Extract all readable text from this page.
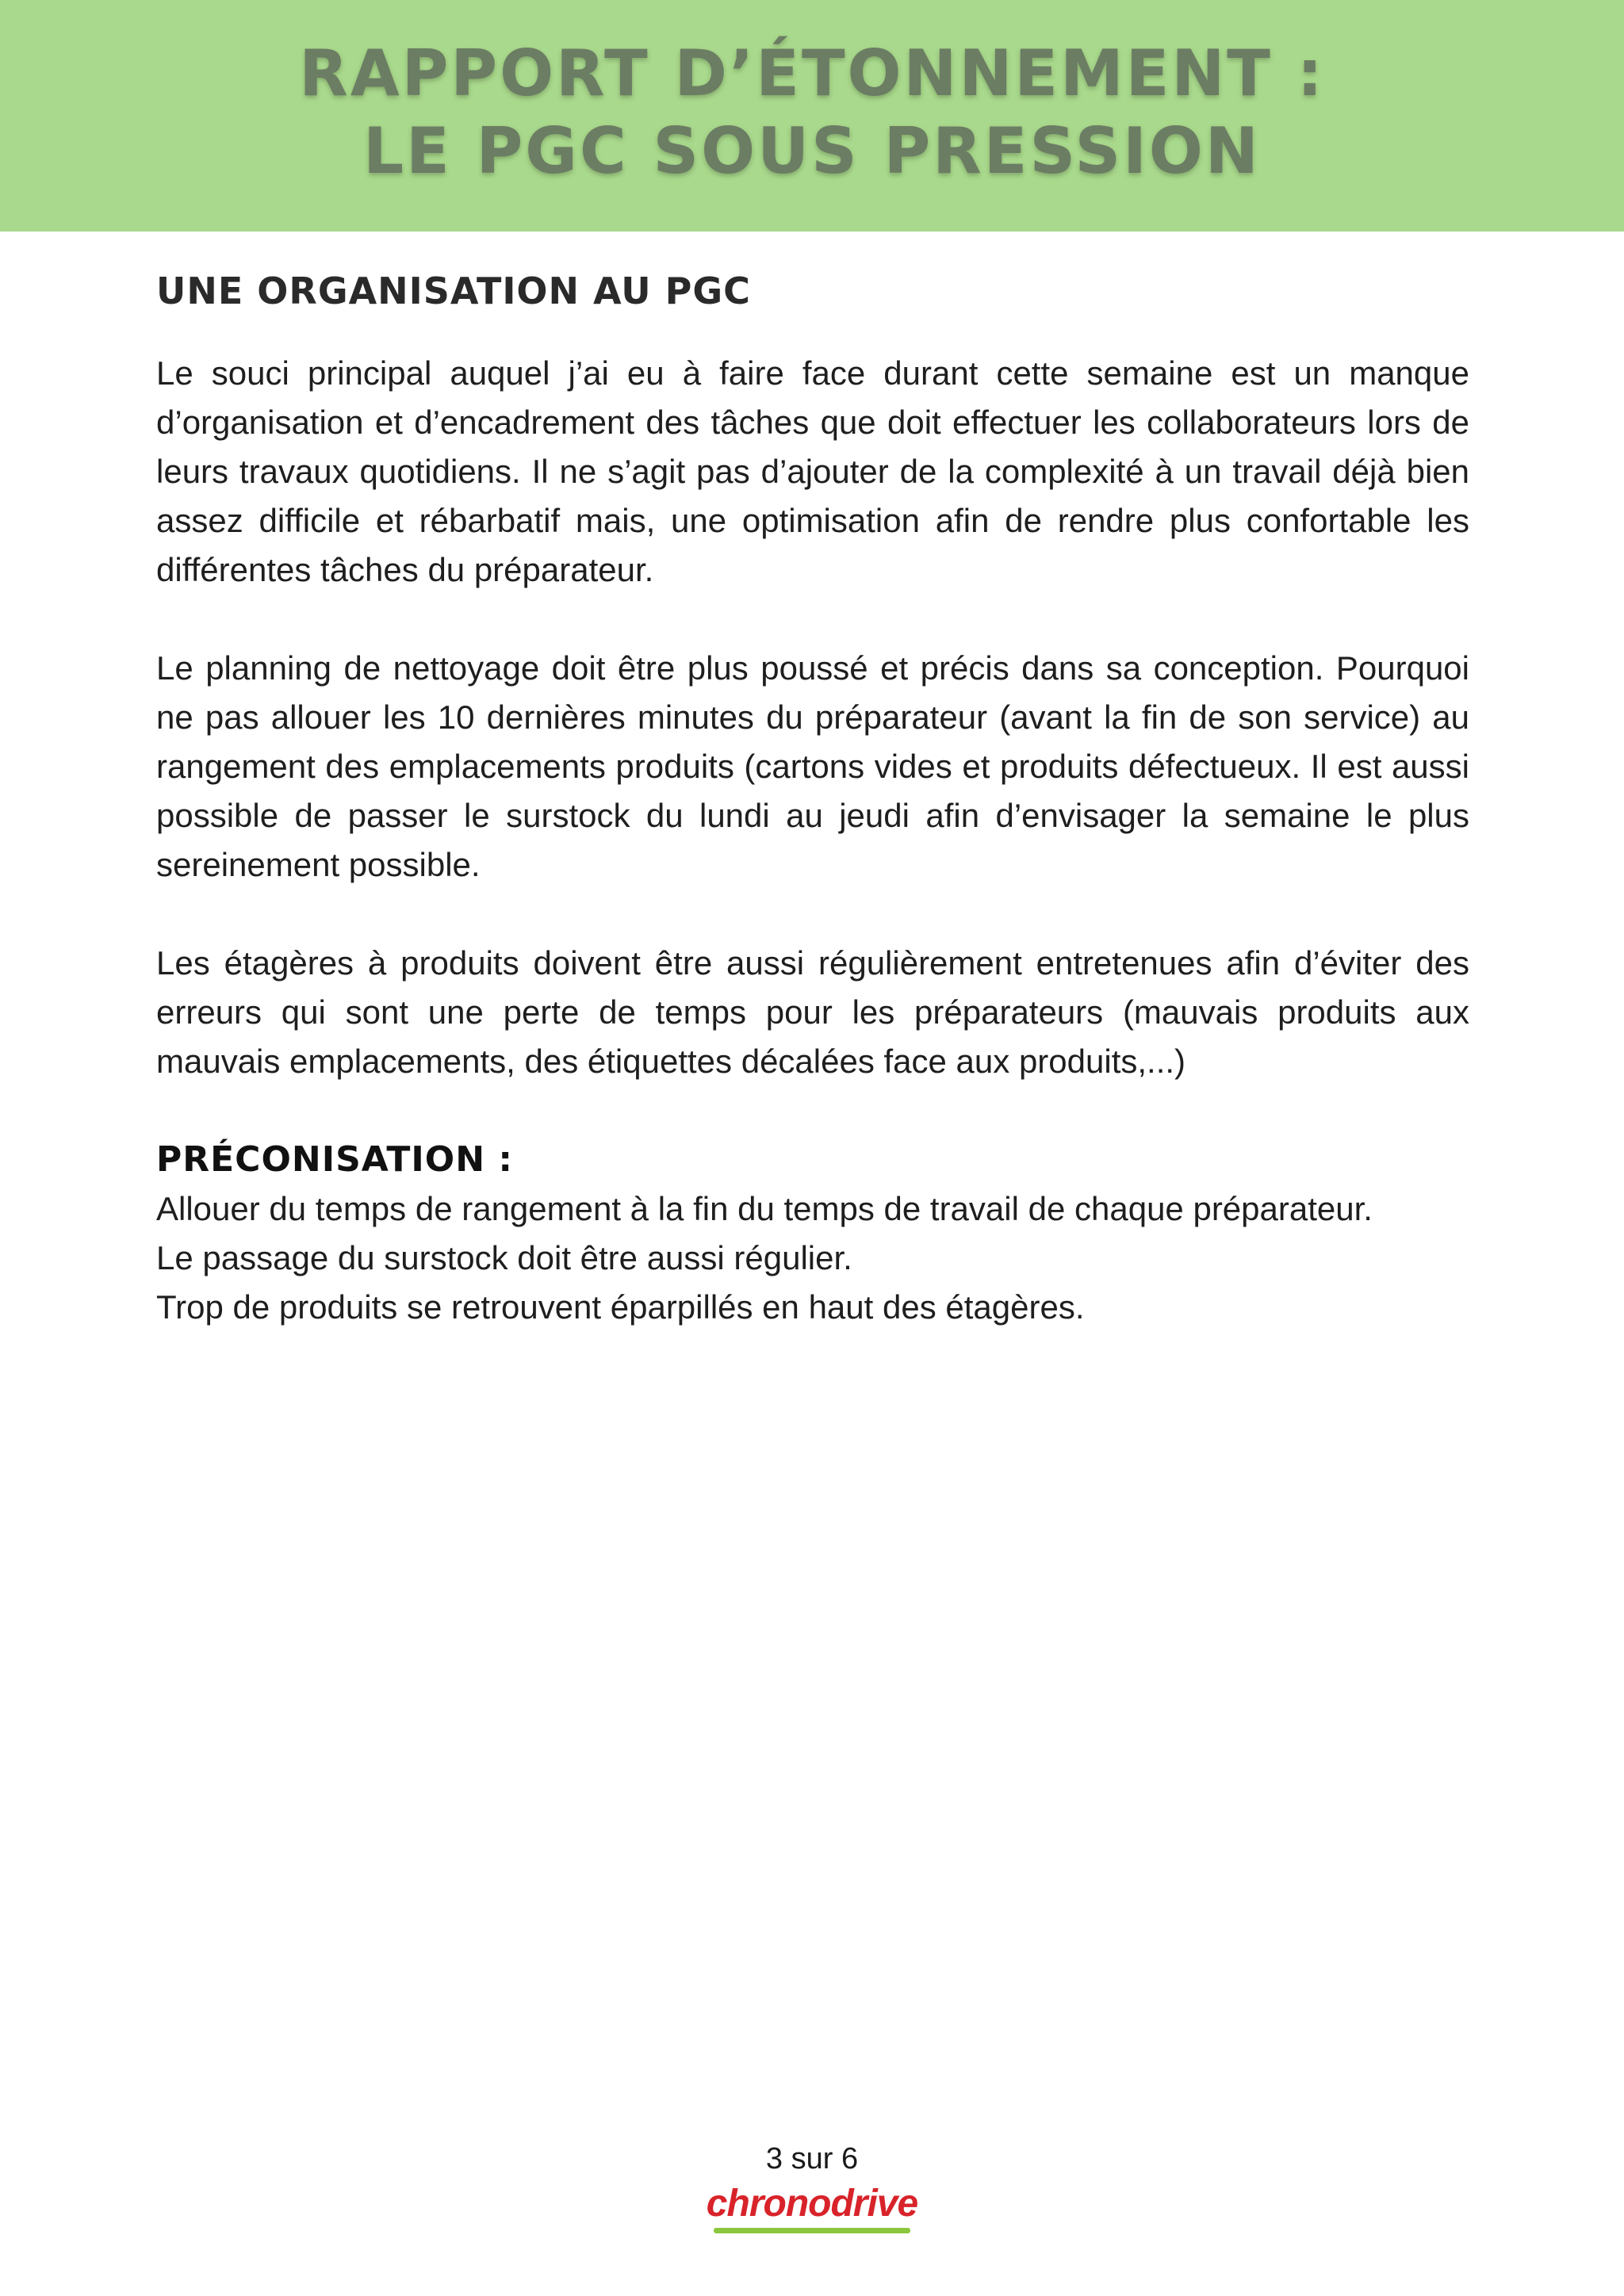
RAPPORT D’ÉTONNEMENT :
LE PGC SOUS PRESSION
UNE ORGANISATION AU PGC

Le souci principal auquel j’ai eu à faire face durant cette semaine est un manque d’organisation et d’encadrement des tâches que doit effectuer les collaborateurs lors de leurs travaux quotidiens. Il ne s’agit pas d’ajouter de la complexité à un travail déjà bien assez difficile et rébarbatif mais, une optimisation afin de rendre plus confortable les différentes tâches du préparateur.

Le planning de nettoyage doit être plus poussé et précis dans sa conception. Pourquoi ne pas allouer les 10 dernières minutes du préparateur (avant la fin de son service) au rangement des emplacements produits (cartons vides et produits défectueux. Il est aussi possible de passer le surstock du lundi au jeudi afin d’envisager la semaine le plus sereinement possible.

Les étagères à produits doivent être aussi régulièrement entretenues afin d’éviter des erreurs qui sont une perte de temps pour les préparateurs (mauvais produits aux mauvais emplacements, des étiquettes décalées face aux produits,...)

PRÉCONISATION :

Allouer du temps de rangement à la fin du temps de travail de chaque préparateur.

Le passage du surstock doit être aussi régulier.

Trop de produits se retrouvent éparpillés en haut des étagères.

3 sur 6
chronodrive
